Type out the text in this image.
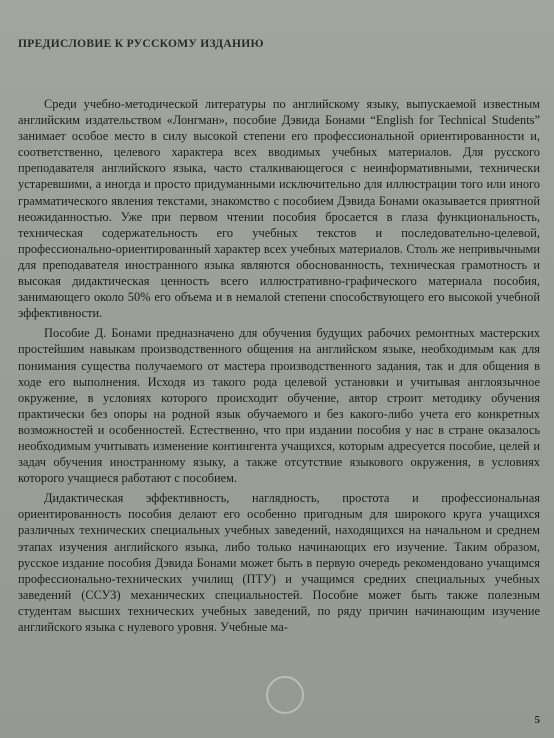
ПРЕДИСЛОВИЕ К РУССКОМУ ИЗДАНИЮ

Среди учебно-методической литературы по английскому языку, выпускаемой известным английским издательством «Лонгман», пособие Дэвида Бонами “English for Technical Students” занимает особое место в силу высокой степени его профессиональной ориентированности и, соответственно, целевого характера всех вводимых учебных материалов. Для русского преподавателя английского языка, часто сталкивающегося с неинформативными, технически устаревшими, а иногда и просто придуманными исключительно для иллюстрации того или иного грамматического явления текстами, знакомство с пособием Дэвида Бонами оказывается приятной неожиданностью. Уже при первом чтении пособия бросается в глаза функциональность, техническая содержательность его учебных текстов и последовательно-целевой, профессионально-ориентированный характер всех учебных материалов. Столь же непривычными для преподавателя иностранного языка являются обоснованность, техническая грамотность и высокая дидактическая ценность всего иллюстративно-графического материала пособия, занимающего около 50% его объема и в немалой степени способствующего его высокой учебной эффективности.

Пособие Д. Бонами предназначено для обучения будущих рабочих ремонтных мастерских простейшим навыкам производственного общения на английском языке, необходимым как для понимания существа получаемого от мастера производственного задания, так и для общения в ходе его выполнения. Исходя из такого рода целевой установки и учитывая англоязычное окружение, в условиях которого происходит обучение, автор строит методику обучения практически без опоры на родной язык обучаемого и без какого-либо учета его конкретных возможностей и особенностей. Естественно, что при издании пособия у нас в стране оказалось необходимым учитывать изменение контингента учащихся, которым адресуется пособие, целей и задач обучения иностранному языку, а также отсутствие языкового окружения, в условиях которого учащиеся работают с пособием.

Дидактическая эффективность, наглядность, простота и профессиональная ориентированность пособия делают его особенно пригодным для широкого круга учащихся различных технических специальных учебных заведений, находящихся на начальном и среднем этапах изучения английского языка, либо только начинающих его изучение. Таким образом, русское издание пособия Дэвида Бонами может быть в первую очередь рекомендовано учащимся профессионально-технических училищ (ПТУ) и учащимся средних специальных учебных заведений (ССУЗ) механических специальностей. Пособие может быть также полезным студентам высших технических учебных заведений, по ряду причин начинающим изучение английского языка с нулевого уровня. Учебные ма-

5
